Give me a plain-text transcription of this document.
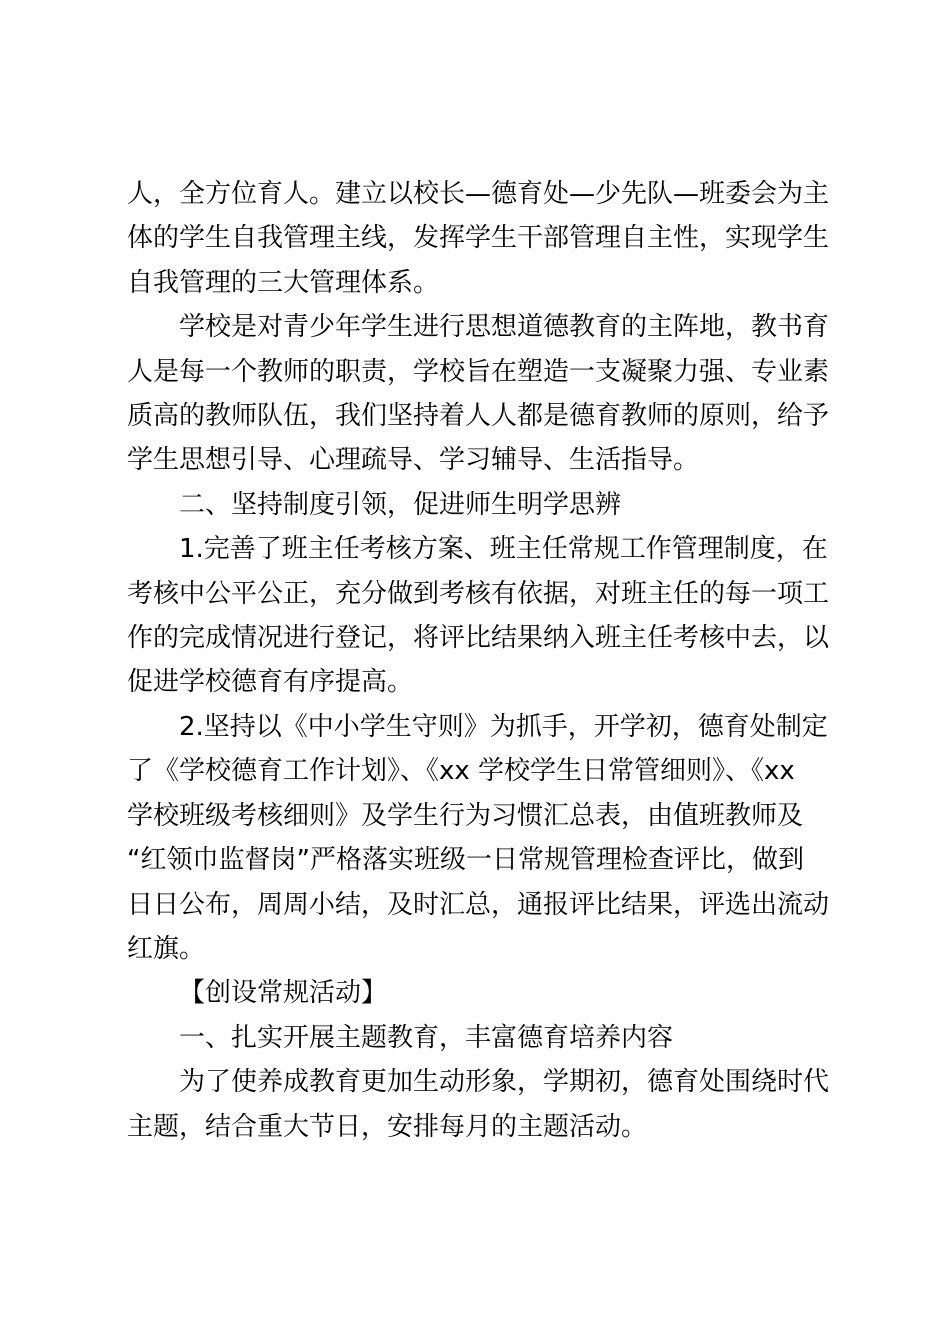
人，全方位育人。建立以校长—德育处—少先队—班委会为主

体的学生自我管理主线，发挥学生干部管理自主性，实现学生

自我管理的三大管理体系。

学校是对青少年学生进行思想道德教育的主阵地，教书育

人是每一个教师的职责，学校旨在塑造一支凝聚力强、专业素

质高的教师队伍，我们坚持着人人都是德育教师的原则，给予

学生思想引导、心理疏导、学习辅导、生活指导。

二、坚持制度引领，促进师生明学思辨

1.完善了班主任考核方案、班主任常规工作管理制度，在

考核中公平公正，充分做到考核有依据，对班主任的每一项工

作的完成情况进行登记，将评比结果纳入班主任考核中去，以

促进学校德育有序提高。

2.坚持以《中小学生守则》为抓手，开学初，德育处制定

了《学校德育工作计划》、《xx 学校学生日常管细则》、《xx

学校班级考核细则》及学生行为习惯汇总表，由值班教师及

“红领巾监督岗”严格落实班级一日常规管理检查评比，做到

日日公布，周周小结，及时汇总，通报评比结果，评选出流动

红旗。

【创设常规活动】

一、扎实开展主题教育，丰富德育培养内容

为了使养成教育更加生动形象，学期初，德育处围绕时代

主题，结合重大节日，安排每月的主题活动。
